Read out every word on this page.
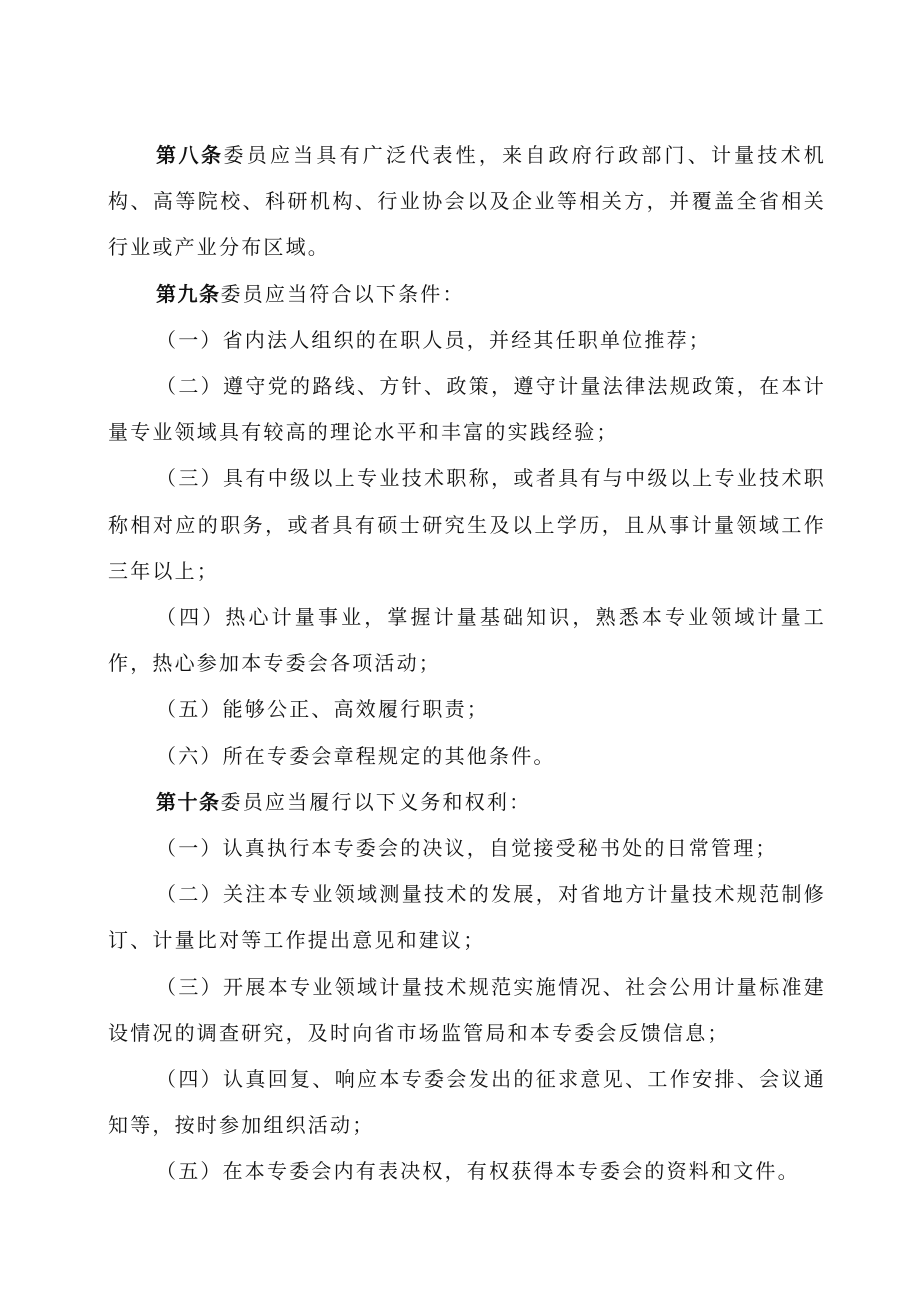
第八条委员应当具有广泛代表性，来自政府行政部门、计量技术机构、高等院校、科研机构、行业协会以及企业等相关方，并覆盖全省相关行业或产业分布区域。

第九条委员应当符合以下条件：

（一）省内法人组织的在职人员，并经其任职单位推荐；

（二）遵守党的路线、方针、政策，遵守计量法律法规政策，在本计量专业领域具有较高的理论水平和丰富的实践经验；

（三）具有中级以上专业技术职称，或者具有与中级以上专业技术职称相对应的职务，或者具有硕士研究生及以上学历，且从事计量领域工作三年以上；

（四）热心计量事业，掌握计量基础知识，熟悉本专业领域计量工作，热心参加本专委会各项活动；

（五）能够公正、高效履行职责；

（六）所在专委会章程规定的其他条件。

第十条委员应当履行以下义务和权利：

（一）认真执行本专委会的决议，自觉接受秘书处的日常管理；

（二）关注本专业领域测量技术的发展，对省地方计量技术规范制修订、计量比对等工作提出意见和建议；

（三）开展本专业领域计量技术规范实施情况、社会公用计量标准建设情况的调查研究，及时向省市场监管局和本专委会反馈信息；

（四）认真回复、响应本专委会发出的征求意见、工作安排、会议通知等，按时参加组织活动；

（五）在本专委会内有表决权，有权获得本专委会的资料和文件。
